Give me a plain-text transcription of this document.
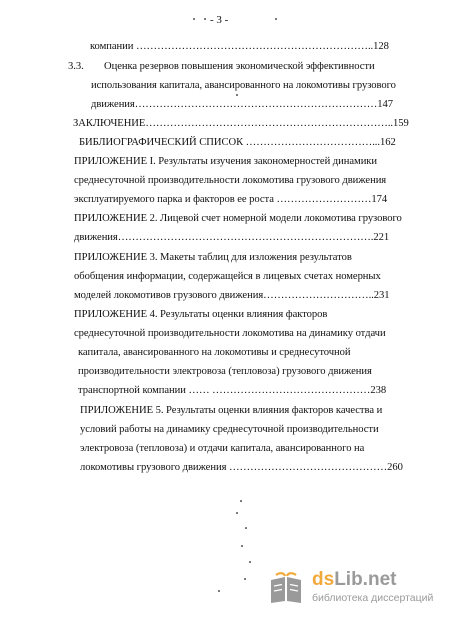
- 3 -
компании …………………………………………………………..128
3.3. Оценка резервов повышения экономической эффективности
использования капитала, авансированного на локомотивы грузового
движения……………………………………………………………147
ЗАКЛЮЧЕНИЕ……………………………………………………………..159
БИБЛИОГРАФИЧЕСКИЙ СПИСОК ………………………………...162
ПРИЛОЖЕНИЕ I. Результаты изучения закономерностей динамики
среднесуточной производительности локомотива грузового движения
эксплуатируемого парка и факторов ее роста ………………………174
ПРИЛОЖЕНИЕ 2. Лицевой счет номерной модели локомотива грузового
движения……………………………………………………………….221
ПРИЛОЖЕНИЕ 3. Макеты таблиц для изложения результатов
обобщения информации, содержащейся в лицевых счетах номерных
моделей локомотивов грузового движения…………………………..231
ПРИЛОЖЕНИЕ 4. Результаты оценки влияния факторов
среднесуточной производительности локомотива на динамику отдачи
капитала, авансированного на локомотивы и среднесуточной
производительности электровоза (тепловоза) грузового движения
транспортной компании …… ………………………………………238
ПРИЛОЖЕНИЕ 5. Результаты оценки влияния факторов качества и
условий работы на динамику среднесуточной производительности
электровоза (тепловоза) и отдачи капитала, авансированного на
локомотивы грузового движения ………………………………………260
dsLib.net
библиотека диссертаций
